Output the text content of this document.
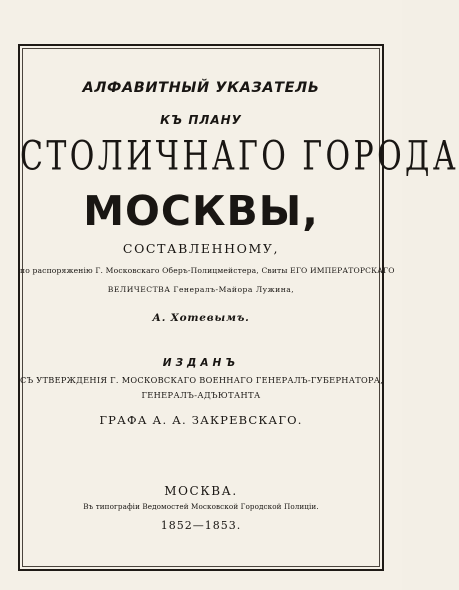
АЛФАВИТНЫЙ УКАЗАТЕЛЬ
КЪ ПЛАНУ
СТОЛИЧНАГО ГОРОДА
МОСКВЫ,
СОСТАВЛЕННОМУ,
по распоряженію Г. Московскаго Оберъ-Полицмейстера, Свиты ЕГО ИМПЕРАТОРСКАГО
ВЕЛИЧЕСТВА Генералъ-Майора Лужина,
А. Хотевымъ.
ИЗДАНЪ
СЪ УТВЕРЖДЕНІЯ Г. МОСКОВСКАГО ВОЕННАГО ГЕНЕРАЛЪ-ГУБЕРНАТОРА,
ГЕНЕРАЛЪ-АДЪЮТАНТА
ГРАФА А. А. ЗАКРЕВСКАГО.
МОСКВА.
Въ типографіи Ведомостей Московской Городской Полиціи.
1852—1853.
